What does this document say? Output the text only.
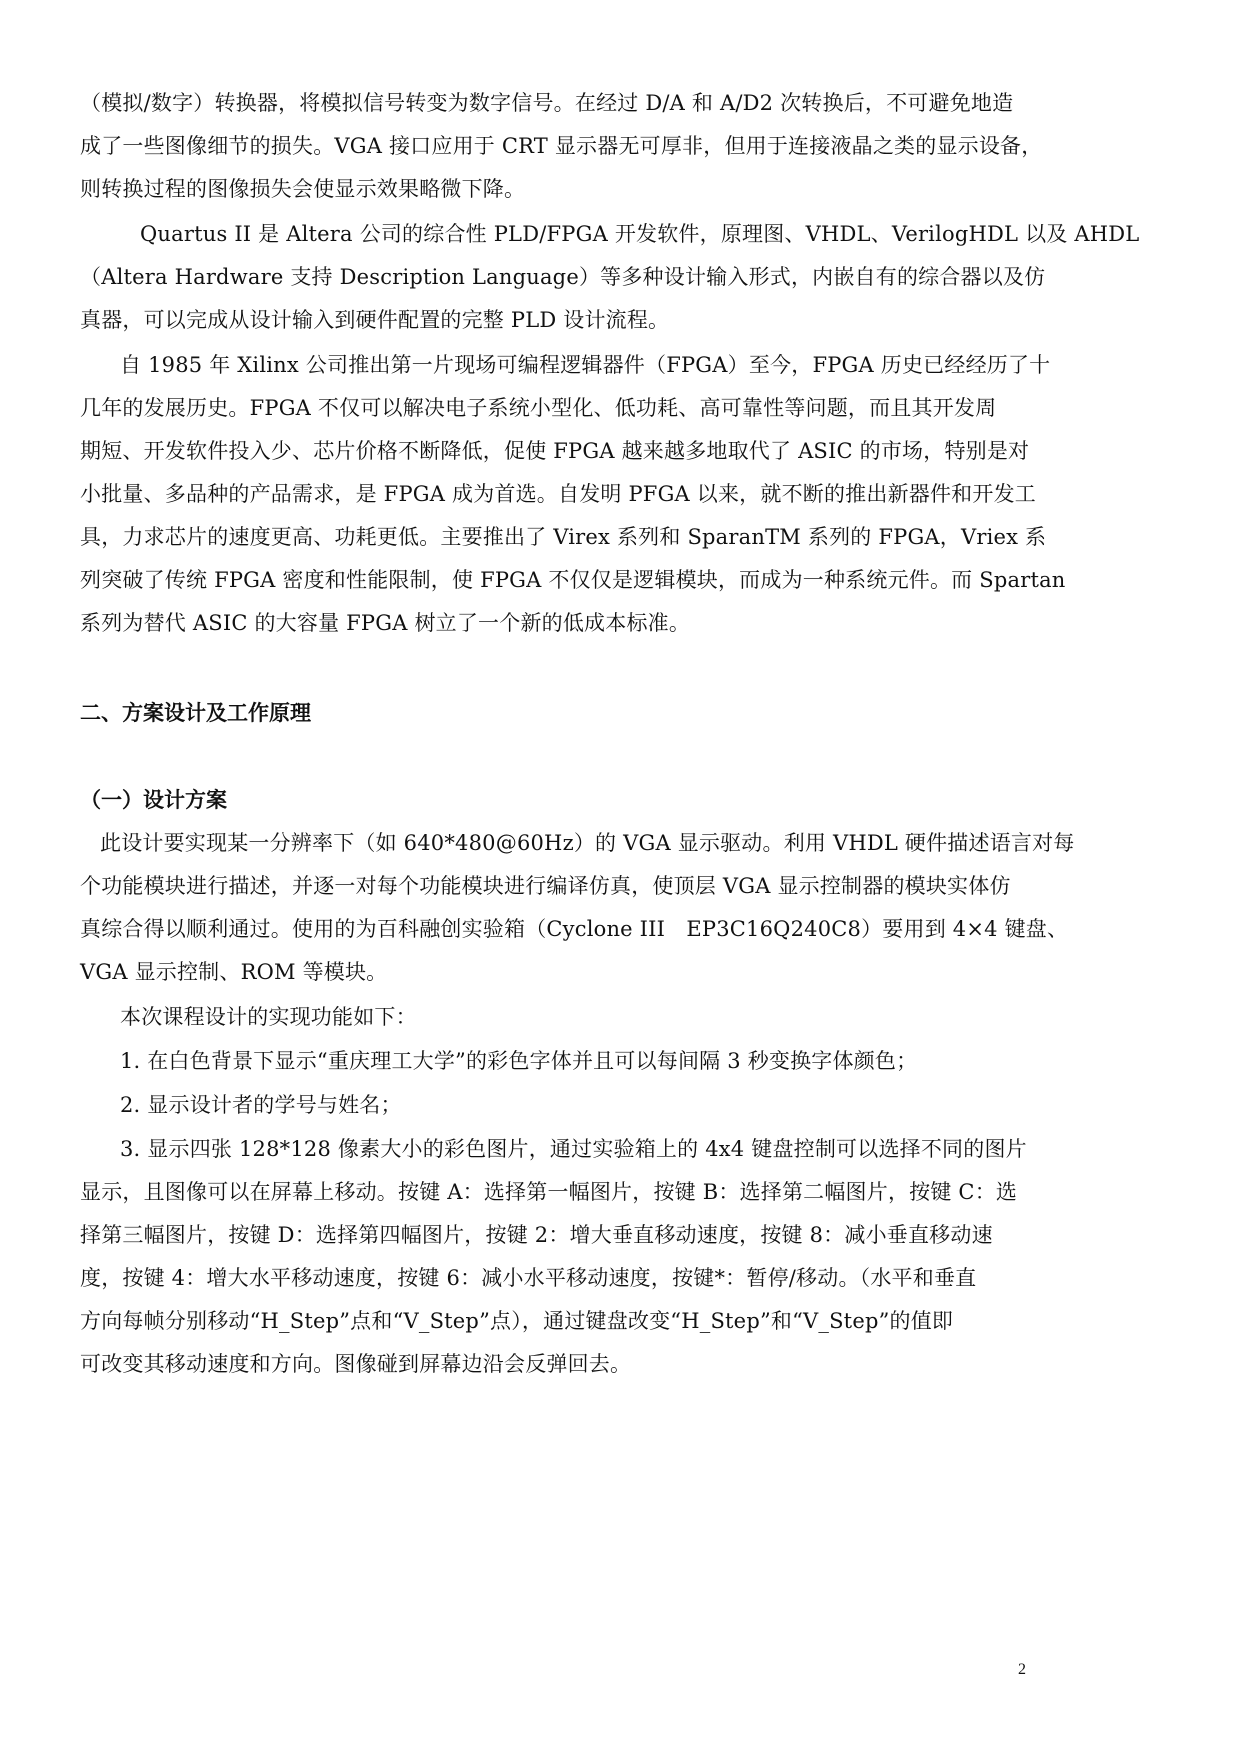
（模拟/数字）转换器，将模拟信号转变为数字信号。在经过 D/A 和 A/D2 次转换后，不可避免地造
成了一些图像细节的损失。VGA 接口应用于 CRT 显示器无可厚非，但用于连接液晶之类的显示设备，
则转换过程的图像损失会使显示效果略微下降。
Quartus II 是 Altera 公司的综合性 PLD/FPGA 开发软件，原理图、VHDL、VerilogHDL 以及 AHDL
（Altera Hardware 支持 Description Language）等多种设计输入形式，内嵌自有的综合器以及仿
真器，可以完成从设计输入到硬件配置的完整 PLD 设计流程。
自 1985 年 Xilinx 公司推出第一片现场可编程逻辑器件（FPGA）至今，FPGA 历史已经经历了十
几年的发展历史。FPGA 不仅可以解决电子系统小型化、低功耗、高可靠性等问题，而且其开发周
期短、开发软件投入少、芯片价格不断降低，促使 FPGA 越来越多地取代了 ASIC 的市场，特别是对
小批量、多品种的产品需求，是 FPGA 成为首选。自发明 PFGA 以来，就不断的推出新器件和开发工
具，力求芯片的速度更高、功耗更低。主要推出了 Virex 系列和 SparanTM 系列的 FPGA，Vriex 系
列突破了传统 FPGA 密度和性能限制，使 FPGA 不仅仅是逻辑模块，而成为一种系统元件。而 Spartan
系列为替代 ASIC 的大容量 FPGA 树立了一个新的低成本标准。
二、方案设计及工作原理
（一）设计方案
此设计要实现某一分辨率下（如 640*480@60Hz）的 VGA 显示驱动。利用 VHDL 硬件描述语言对每
个功能模块进行描述，并逐一对每个功能模块进行编译仿真，使顶层 VGA 显示控制器的模块实体仿
真综合得以顺利通过。使用的为百科融创实验箱（Cyclone III　EP3C16Q240C8）要用到 4×4 键盘、
VGA 显示控制、ROM 等模块。
本次课程设计的实现功能如下：
1. 在白色背景下显示“重庆理工大学”的彩色字体并且可以每间隔 3 秒变换字体颜色；
2. 显示设计者的学号与姓名；
3. 显示四张 128*128 像素大小的彩色图片，通过实验箱上的 4x4 键盘控制可以选择不同的图片
显示，且图像可以在屏幕上移动。按键 A：选择第一幅图片，按键 B：选择第二幅图片，按键 C：选
择第三幅图片，按键 D：选择第四幅图片，按键 2：增大垂直移动速度，按键 8：减小垂直移动速
度，按键 4：增大水平移动速度，按键 6：减小水平移动速度，按键*：暂停/移动。（水平和垂直
方向每帧分别移动“H_Step”点和“V_Step”点），通过键盘改变“H_Step”和“V_Step”的值即
可改变其移动速度和方向。图像碰到屏幕边沿会反弹回去。
2
